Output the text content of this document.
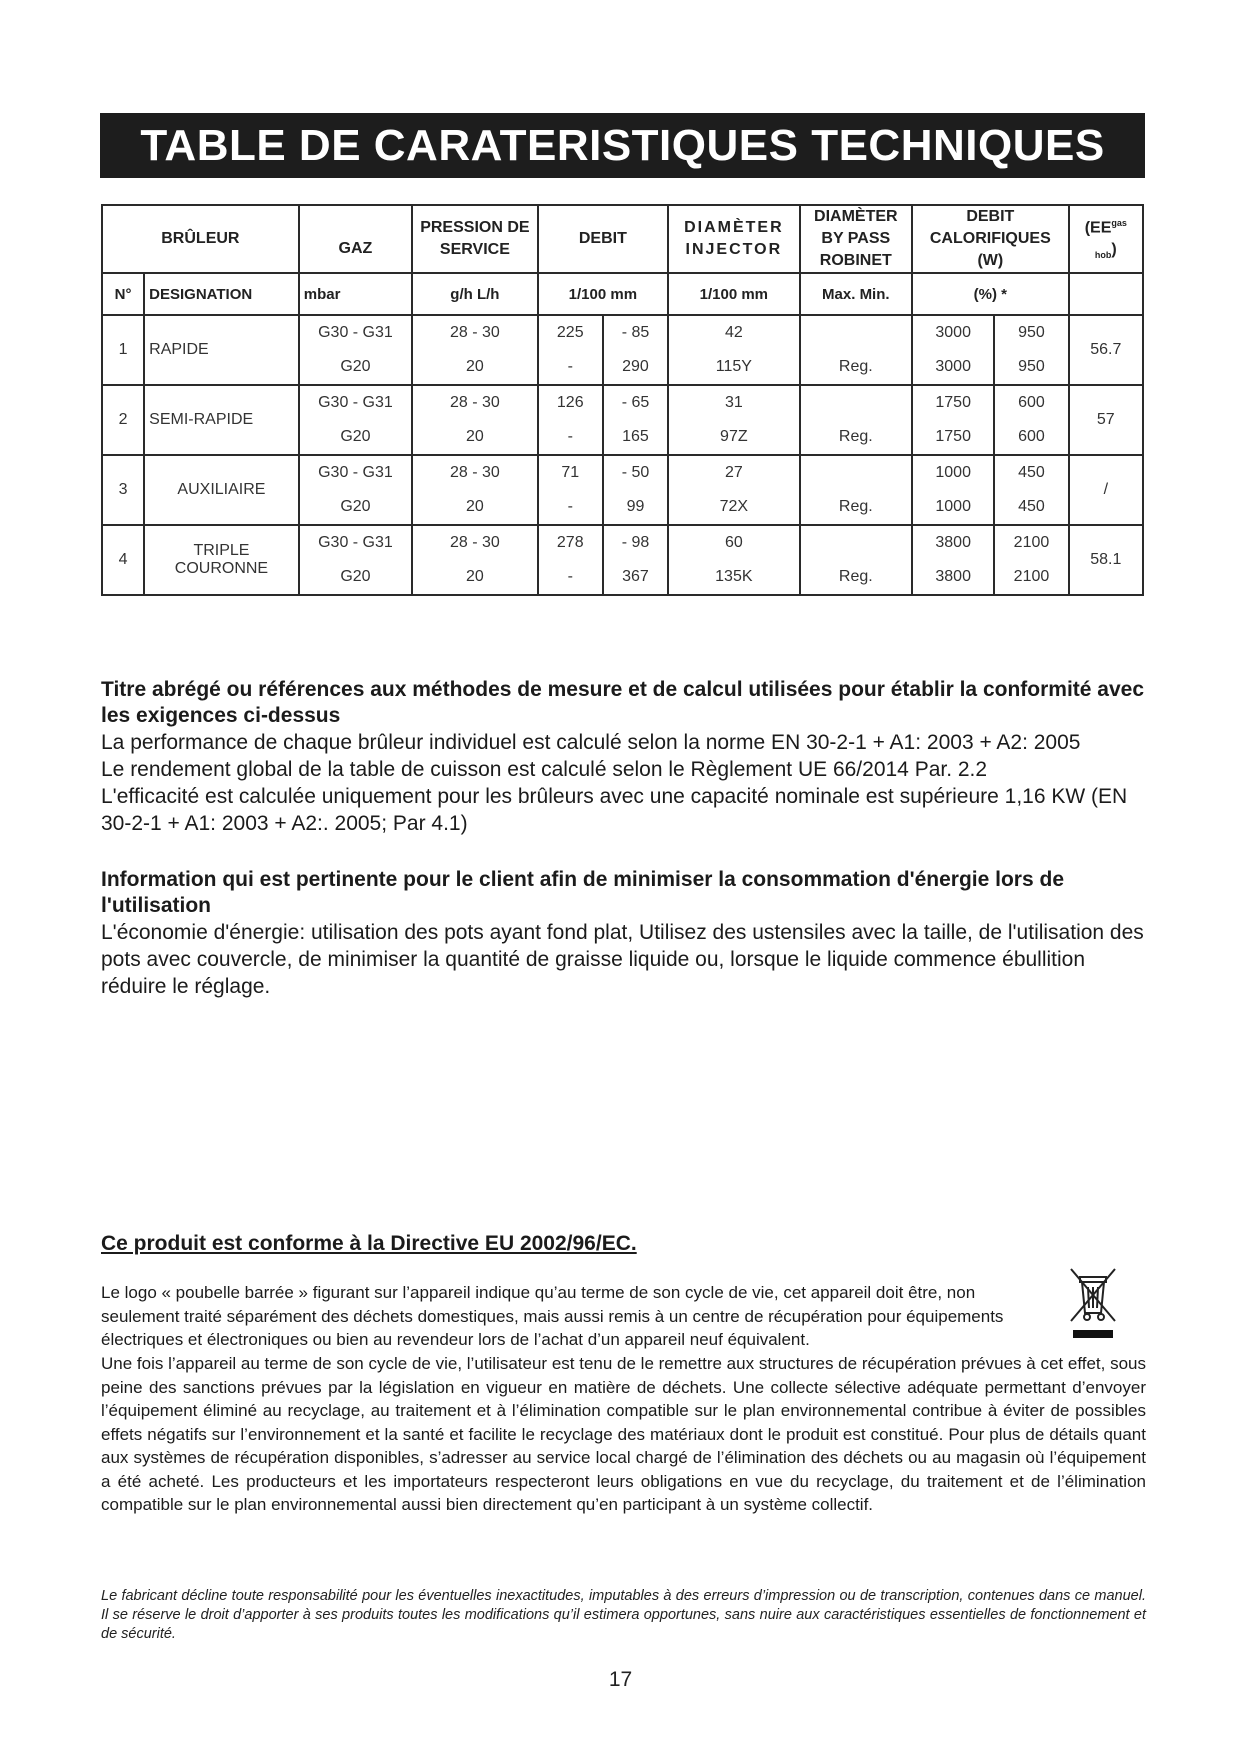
TABLE DE CARATERISTIQUES TECHNIQUES
BRÛLEUR		GAZ	PRESSION DE SERVICE	DEBIT		DIAMÈTER INJECTOR	DIAMÈTER BY PASS ROBINET	DEBIT CALORIFIQUES (W)		($EE^{gas}$
$_{hob}$)
N°	DESIGNATION	mbar	g/h L/h	1/100 mm		1/100 mm	Max. Min.	(%) *		
1	RAPIDE	G30 - G31	28 - 30	225	- 85	42		3000	950	56.7
		G20	20	-	290	115Y	Reg.	3000	950	
2	SEMI-RAPIDE	G30 - G31	28 - 30	126	- 65	31		1750	600	57
		G20	20	-	165	97Z	Reg.	1750	600	
3	AUXILIAIRE	G30 - G31	28 - 30	71	- 50	27		1000	450	/
		G20	20	-	99	72X	Reg.	1000	450	
4	TRIPLE COURONNE	G30 - G31	28 - 30	278	- 98	60		3800	2100	58.1
		G20	20	-	367	135K	Reg.	3800	2100	
Titre abrégé ou références aux méthodes de mesure et de calcul utilisées pour établir la conformité avec les exigences ci-dessus

La performance de chaque brûleur individuel est calculé selon la norme EN 30-2-1 + A1: 2003 + A2: 2005

Le rendement global de la table de cuisson est calculé selon le Règlement UE 66/2014 Par. 2.2

L'efficacité est calculée uniquement pour les brûleurs avec une capacité nominale est supérieure 1,16 KW (EN 30-2-1 + A1: 2003 + A2:. 2005; Par 4.1)

Information qui est pertinente pour le client afin de minimiser la consommation d'énergie lors de l'utilisation

L'économie d'énergie: utilisation des pots ayant fond plat, Utilisez des ustensiles avec la taille, de l'utilisation des pots avec couvercle, de minimiser la quantité de graisse liquide ou, lorsque le liquide commence ébullition réduire le réglage.

Ce produit est conforme à la Directive EU 2002/96/EC.
Le logo « poubelle barrée » figurant sur l’appareil indique qu’au terme de son cycle de vie, cet appareil doit être, non seulement traité séparément des déchets domestiques, mais aussi remis à un centre de récupération pour équipements électriques et électroniques ou bien au revendeur lors de l’achat d’un appareil neuf équivalent.
Une fois l’appareil au terme de son cycle de vie, l’utilisateur est tenu de le remettre aux structures de récupération prévues à cet effet, sous peine des sanctions prévues par la législation en vigueur en matière de déchets. Une collecte sélective adéquate permettant d’envoyer l’équipement éliminé au recyclage, au traitement et à l’élimination compatible sur le plan environnemental contribue à éviter de possibles effets négatifs sur l’environnement et la santé et facilite le recyclage des matériaux dont le produit est constitué. Pour plus de détails quant aux systèmes de récupération disponibles, s’adresser au service local chargé de l’élimination des déchets ou au magasin où l’équipement a été acheté. Les producteurs et les importateurs respecteront leurs obligations en vue du recyclage, du traitement et de l’élimination compatible sur le plan environnemental aussi bien directement qu’en participant à un système collectif.
Le fabricant décline toute responsabilité pour les éventuelles inexactitudes, imputables à des erreurs d’impression ou de transcription, contenues dans ce manuel. Il se réserve le droit d’apporter à ses produits toutes les modifications qu’il estimera opportunes, sans nuire aux caractéristiques essentielles de fonctionnement et de sécurité.
17
